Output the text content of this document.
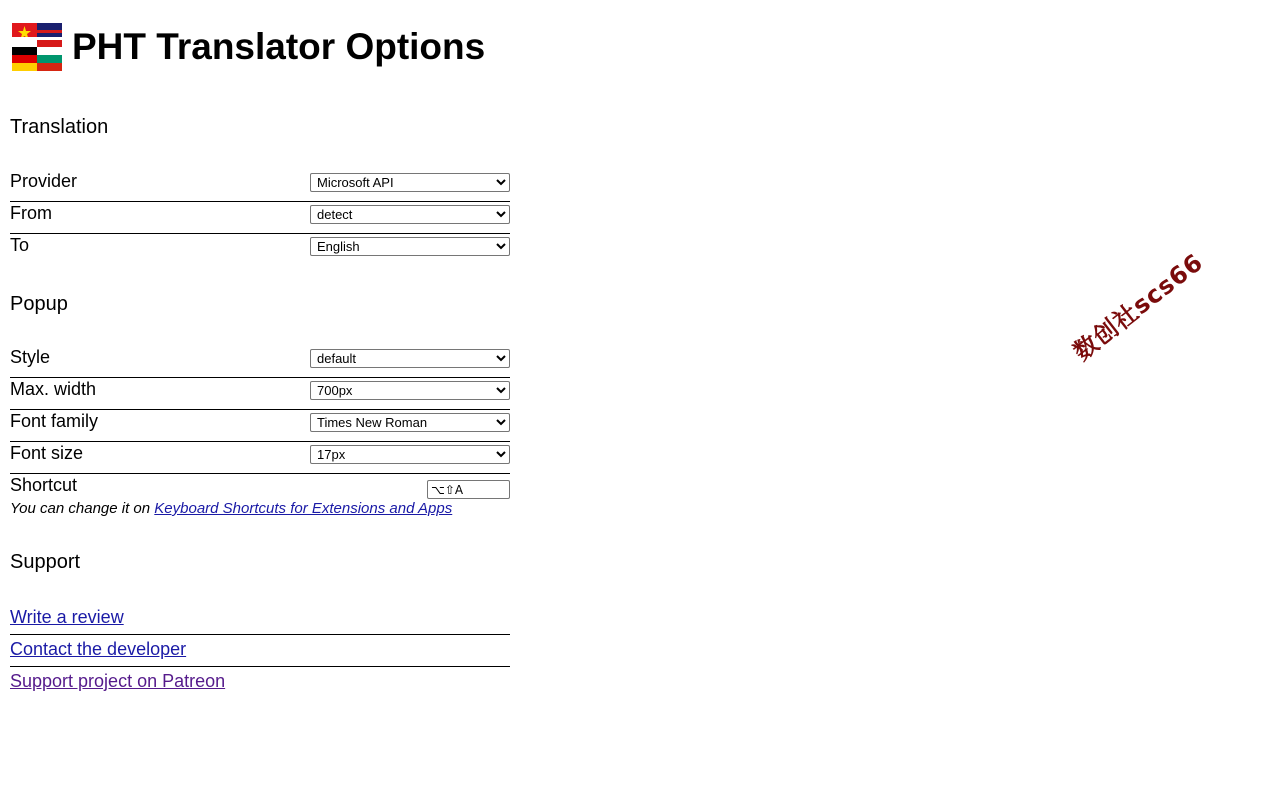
PHT Translator Options
Translation
Provider
Microsoft API
From
detect
To
English
Popup
Style
default
Max. width
700px
Font family
Times New Roman
Font size
17px
Shortcut
⌥⇧A
You can change it on Keyboard Shortcuts for Extensions and Apps
Support
Write a review
Contact the developer
Support project on Patreon
数创社scs66
